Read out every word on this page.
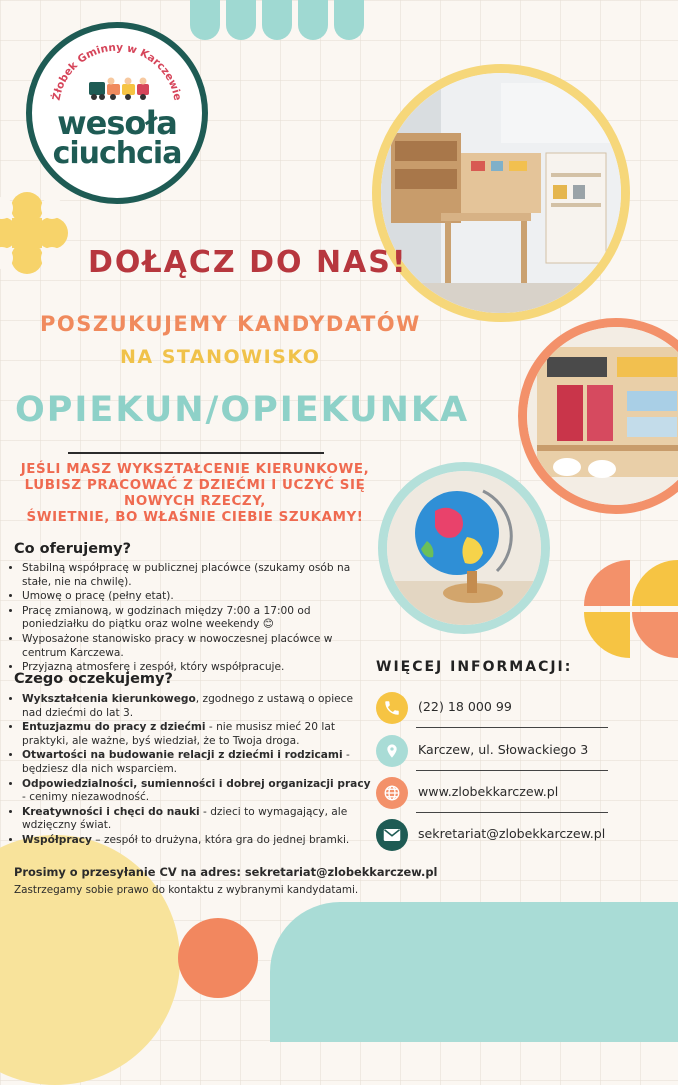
Żłobek Gminny w Karczewie
wesoła
ciuchcia
DOŁĄCZ DO NAS!
POSZUKUJEMY KANDYDATÓW
NA STANOWISKO
OPIEKUN/OPIEKUNKA
JEŚLI MASZ WYKSZTAŁCENIE KIERUNKOWE,
LUBISZ PRACOWAĆ Z DZIEĆMI I UCZYĆ SIĘ
NOWYCH RZECZY,
ŚWIETNIE, BO WŁAŚNIE CIEBIE SZUKAMY!
Co oferujemy?
• Stabilną współpracę w publicznej placówce (szukamy osób na stałe, nie na chwilę).
• Umowę o pracę (pełny etat).
• Pracę zmianową, w godzinach między 7:00 a 17:00 od poniedziałku do piątku oraz wolne weekendy 😊
• Wyposażone stanowisko pracy w nowoczesnej placówce w centrum Karczewa.
• Przyjazną atmosferę i zespół, który współpracuje.
Czego oczekujemy?
• Wykształcenia kierunkowego, zgodnego z ustawą o opiece nad dziećmi do lat 3.
• Entuzjazmu do pracy z dziećmi - nie musisz mieć 20 lat praktyki, ale ważne, byś wiedział, że to Twoja droga.
• Otwartości na budowanie relacji z dziećmi i rodzicami - będziesz dla nich wsparciem.
• Odpowiedzialności, sumienności i dobrej organizacji pracy - cenimy niezawodność.
• Kreatywności i chęci do nauki - dzieci to wymagający, ale wdzięczny świat.
• Współpracy – zespół to drużyna, która gra do jednej bramki.
Prosimy o przesyłanie CV na adres: sekretariat@zlobekkarczew.pl
Zastrzegamy sobie prawo do kontaktu z wybranymi kandydatami.
WIĘCEJ INFORMACJI:
(22) 18 000 99
Karczew, ul. Słowackiego 3
www.zlobekkarczew.pl
sekretariat@zlobekkarczew.pl
